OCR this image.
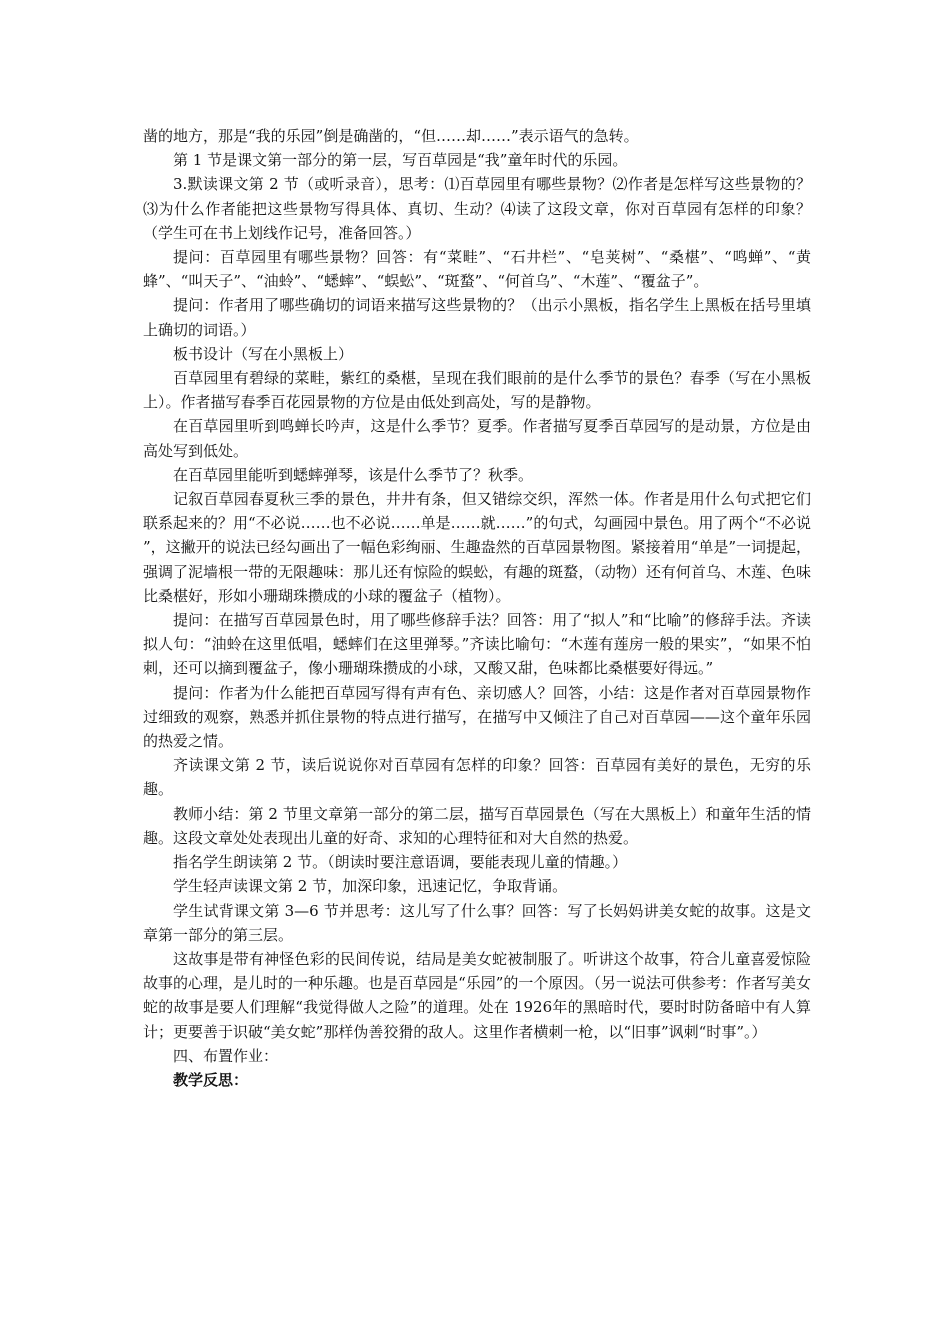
凿的地方，那是“我的乐园”倒是确凿的，“但……却……”表示语气的急转。

第 1 节是课文第一部分的第一层，写百草园是“我”童年时代的乐园。

3.默读课文第 2 节（或听录音），思考：⑴百草园里有哪些景物？⑵作者是怎样写这些景物的？⑶为什么作者能把这些景物写得具体、真切、生动？⑷读了这段文章，你对百草园有怎样的印象？（学生可在书上划线作记号，准备回答。）

提问：百草园里有哪些景物？回答：有“菜畦”、“石井栏”、“皂荚树”、“桑椹”、“鸣蝉”、“黄蜂”、“叫天子”、“油蛉”、“蟋蟀”、“蜈蚣”、“斑蝥”、“何首乌”、“木莲”、“覆盆子”。

提问：作者用了哪些确切的词语来描写这些景物的？（出示小黑板，指名学生上黑板在括号里填上确切的词语。）

板书设计（写在小黑板上）

百草园里有碧绿的菜畦，紫红的桑椹，呈现在我们眼前的是什么季节的景色？春季（写在小黑板上）。作者描写春季百花园景物的方位是由低处到高处，写的是静物。

在百草园里听到鸣蝉长吟声，这是什么季节？夏季。作者描写夏季百草园写的是动景，方位是由高处写到低处。

在百草园里能听到蟋蟀弹琴，该是什么季节了？秋季。

记叙百草园春夏秋三季的景色，井井有条，但又错综交织，浑然一体。作者是用什么句式把它们联系起来的？用“不必说……也不必说……单是……就……”的句式，勾画园中景色。用了两个“不必说 ”，这撇开的说法已经勾画出了一幅色彩绚丽、生趣盎然的百草园景物图。紧接着用“单是”一词提起，强调了泥墙根一带的无限趣味：那儿还有惊险的蜈蚣，有趣的斑蝥，（动物）还有何首乌、木莲、色味比桑椹好，形如小珊瑚珠攒成的小球的覆盆子（植物）。

提问：在描写百草园景色时，用了哪些修辞手法？回答：用了“拟人”和“比喻”的修辞手法。齐读拟人句：“油蛉在这里低唱，蟋蟀们在这里弹琴。”齐读比喻句：“木莲有莲房一般的果实”，“如果不怕刺，还可以摘到覆盆子，像小珊瑚珠攒成的小球，又酸又甜，色味都比桑椹要好得远。”

提问：作者为什么能把百草园写得有声有色、亲切感人？回答，小结：这是作者对百草园景物作过细致的观察，熟悉并抓住景物的特点进行描写，在描写中又倾注了自己对百草园——这个童年乐园的热爱之情。

齐读课文第 2 节，读后说说你对百草园有怎样的印象？回答：百草园有美好的景色，无穷的乐趣。

教师小结：第 2 节里文章第一部分的第二层，描写百草园景色（写在大黑板上）和童年生活的情趣。这段文章处处表现出儿童的好奇、求知的心理特征和对大自然的热爱。

指名学生朗读第 2 节。（朗读时要注意语调，要能表现儿童的情趣。）

学生轻声读课文第 2 节，加深印象，迅速记忆，争取背诵。

学生试背课文第 3—6 节并思考：这儿写了什么事？回答：写了长妈妈讲美女蛇的故事。这是文章第一部分的第三层。

这故事是带有神怪色彩的民间传说，结局是美女蛇被制服了。听讲这个故事，符合儿童喜爱惊险故事的心理，是儿时的一种乐趣。也是百草园是“乐园”的一个原因。（另一说法可供参考：作者写美女蛇的故事是要人们理解“我觉得做人之险”的道理。处在 1926年的黑暗时代，要时时防备暗中有人算计；更要善于识破“美女蛇”那样伪善狡猾的敌人。这里作者横刺一枪，以“旧事”讽刺“时事”。）

四、布置作业：

教学反思：
